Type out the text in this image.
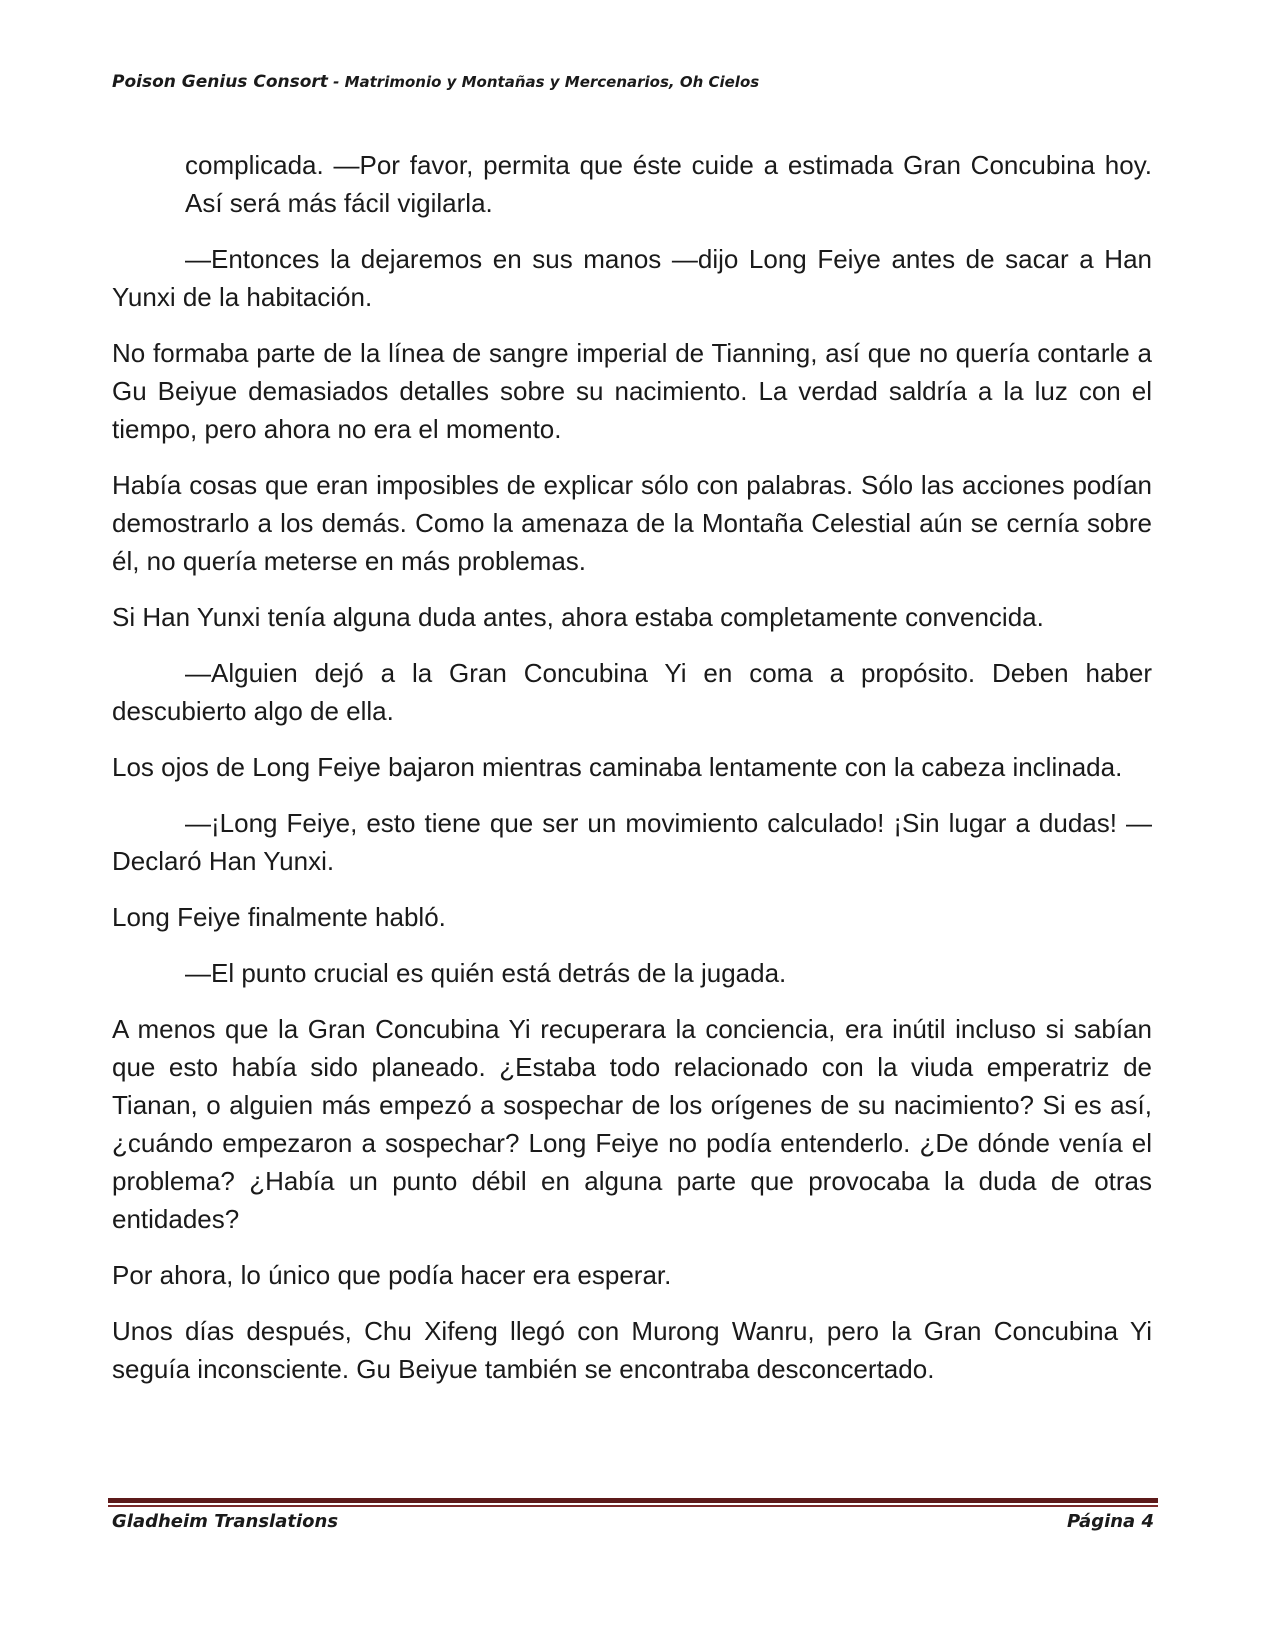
Poison Genius Consort - Matrimonio y Montañas y Mercenarios, Oh Cielos

complicada. —Por favor, permita que éste cuide a estimada Gran Concubina hoy. Así será más fácil vigilarla.

—Entonces la dejaremos en sus manos —dijo Long Feiye antes de sacar a Han Yunxi de la habitación.

No formaba parte de la línea de sangre imperial de Tianning, así que no quería contarle a Gu Beiyue demasiados detalles sobre su nacimiento. La verdad saldría a la luz con el tiempo, pero ahora no era el momento.

Había cosas que eran imposibles de explicar sólo con palabras. Sólo las acciones podían demostrarlo a los demás. Como la amenaza de la Montaña Celestial aún se cernía sobre él, no quería meterse en más problemas.

Si Han Yunxi tenía alguna duda antes, ahora estaba completamente convencida.

—Alguien dejó a la Gran Concubina Yi en coma a propósito. Deben haber descubierto algo de ella.

Los ojos de Long Feiye bajaron mientras caminaba lentamente con la cabeza inclinada.

—¡Long Feiye, esto tiene que ser un movimiento calculado! ¡Sin lugar a dudas! —Declaró Han Yunxi.

Long Feiye finalmente habló.

—El punto crucial es quién está detrás de la jugada.

A menos que la Gran Concubina Yi recuperara la conciencia, era inútil incluso si sabían que esto había sido planeado. ¿Estaba todo relacionado con la viuda emperatriz de Tianan, o alguien más empezó a sospechar de los orígenes de su nacimiento? Si es así, ¿cuándo empezaron a sospechar? Long Feiye no podía entenderlo. ¿De dónde venía el problema? ¿Había un punto débil en alguna parte que provocaba la duda de otras entidades?

Por ahora, lo único que podía hacer era esperar.

Unos días después, Chu Xifeng llegó con Murong Wanru, pero la Gran Concubina Yi seguía inconsciente. Gu Beiyue también se encontraba desconcertado.

Gladheim Translations	Página 4
